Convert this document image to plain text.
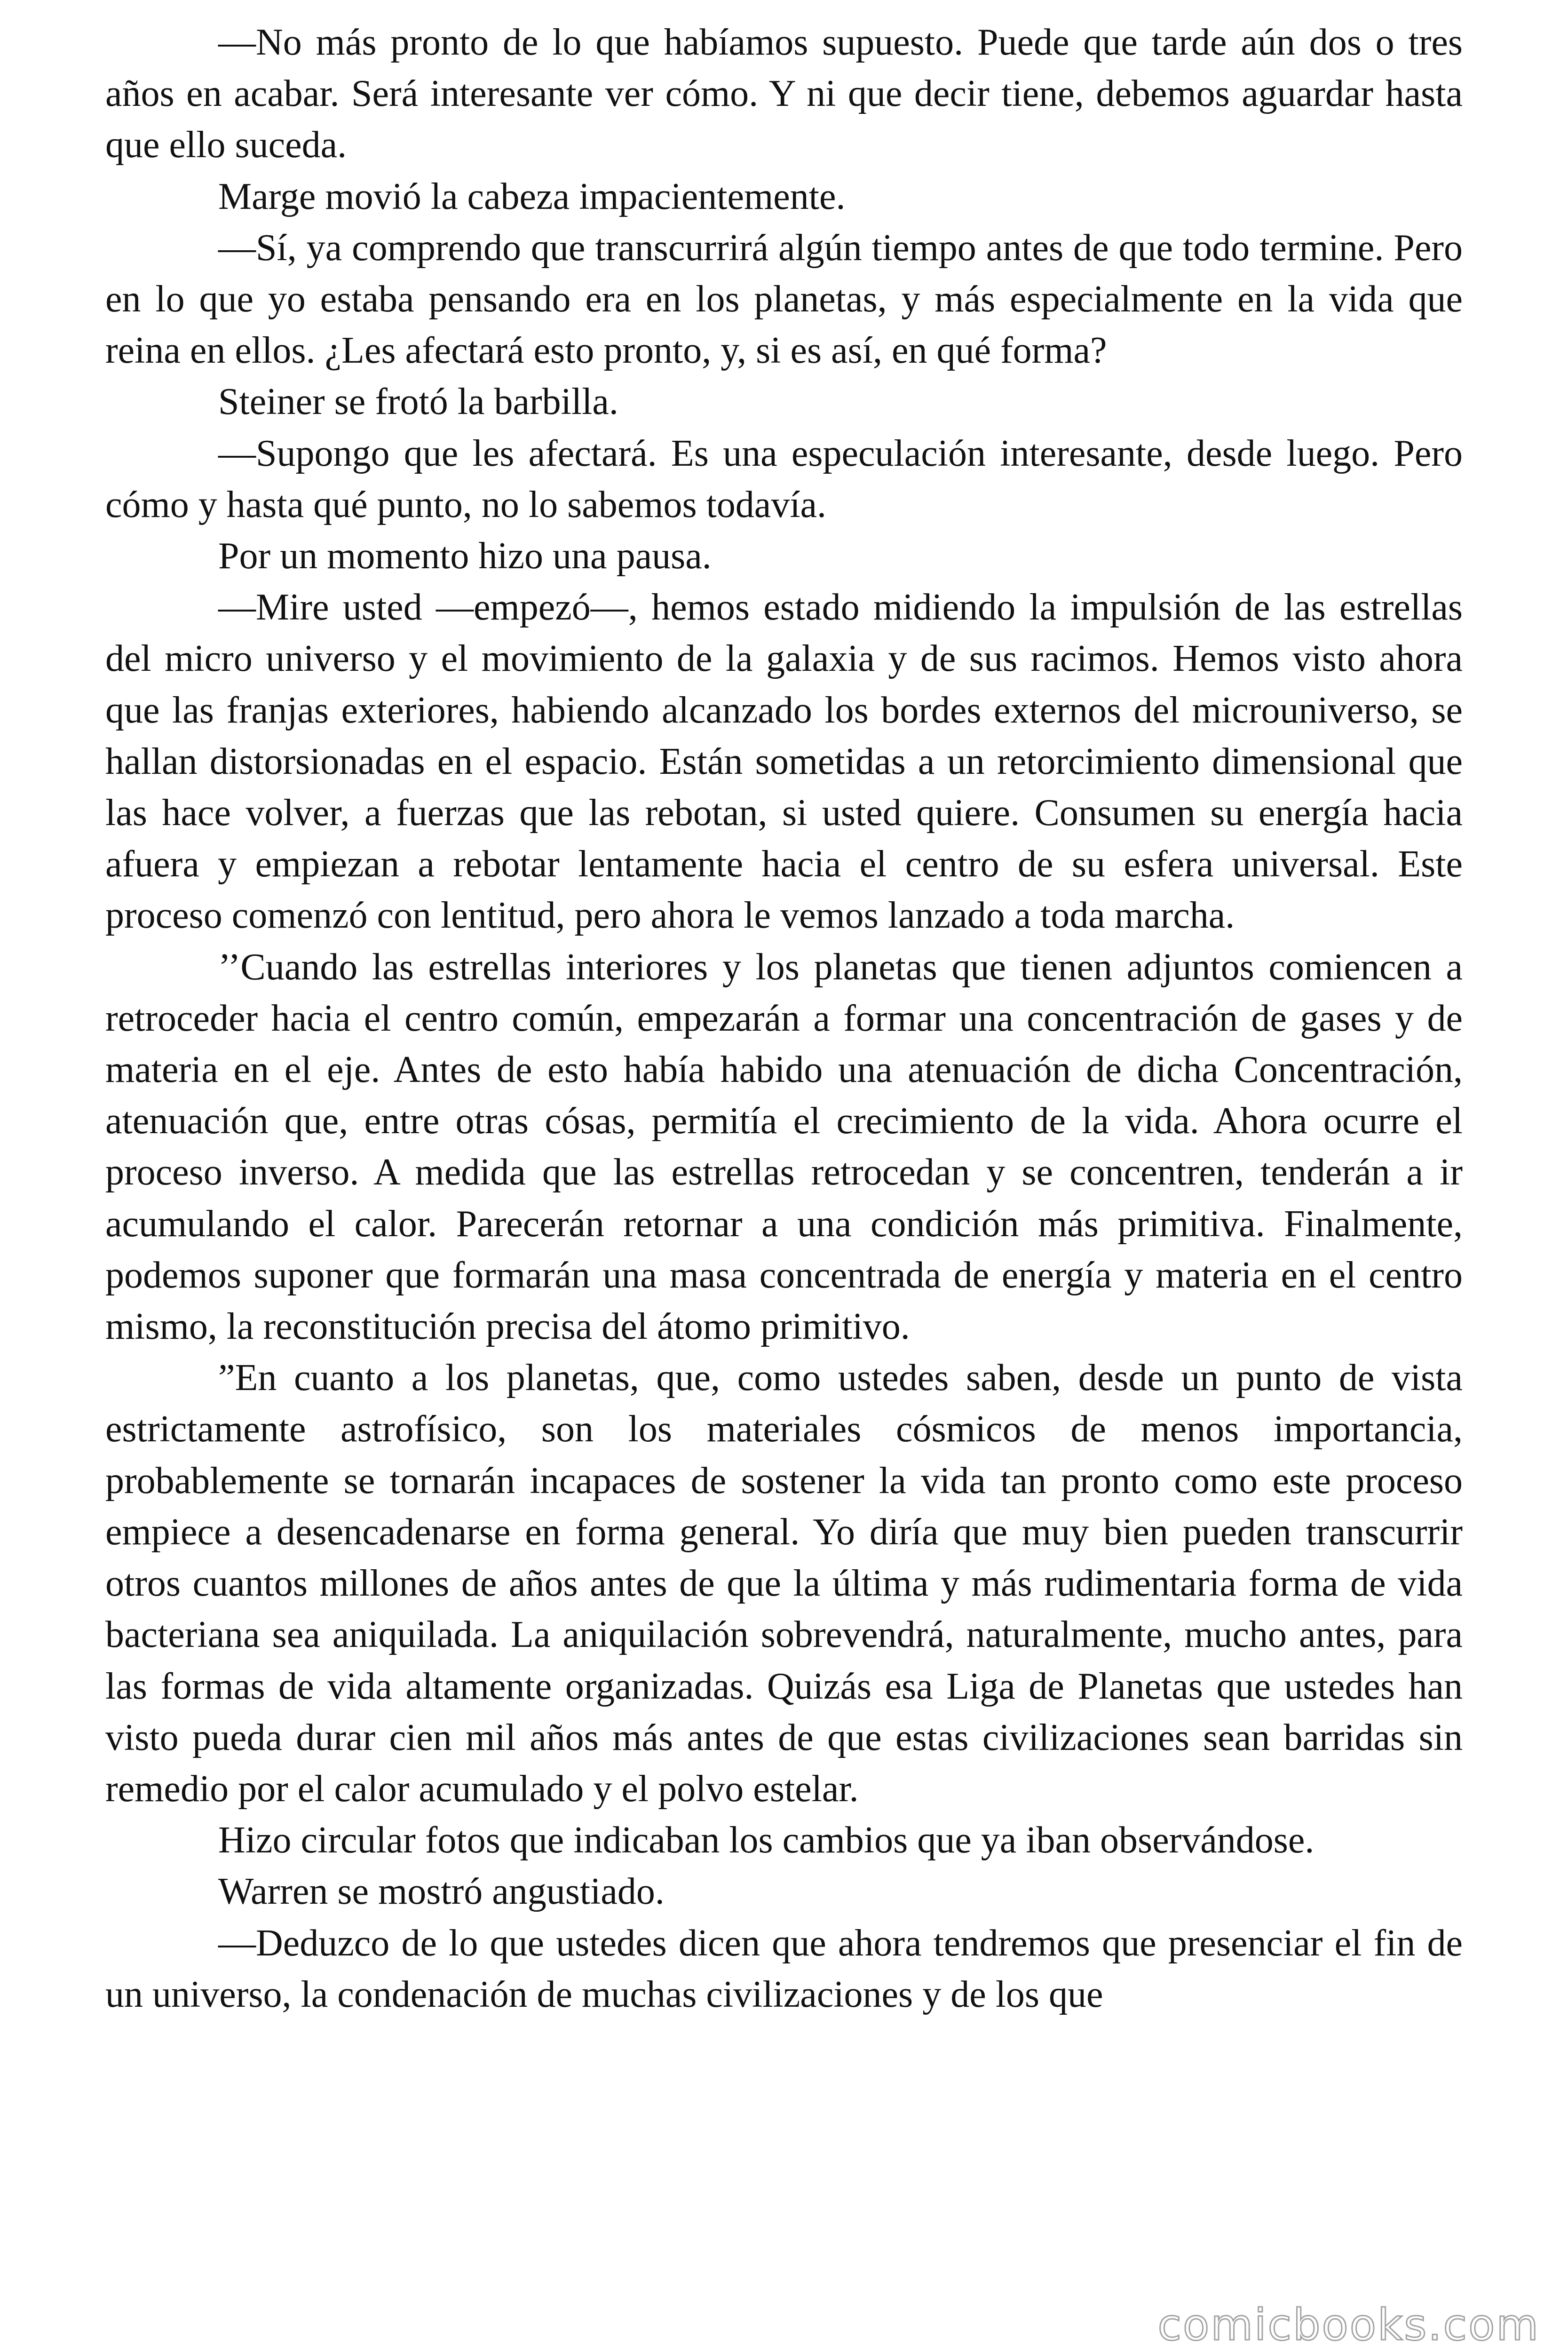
—No más pronto de lo que habíamos supuesto. Puede que tarde aún dos o tres años en acabar. Será interesante ver cómo. Y ni que decir tiene, debemos aguardar hasta que ello suceda.

Marge movió la cabeza impacientemente.

—Sí, ya comprendo que transcurrirá algún tiempo antes de que todo termine. Pero en lo que yo estaba pensando era en los planetas, y más especialmente en la vida que reina en ellos. ¿Les afectará esto pronto, y, si es así, en qué forma?

Steiner se frotó la barbilla.

—Supongo que les afectará. Es una especulación interesante, desde luego. Pero cómo y hasta qué punto, no lo sabemos todavía.

Por un momento hizo una pausa.

—Mire usted —empezó—, hemos estado midiendo la impulsión de las estrellas del micro universo y el movimiento de la galaxia y de sus racimos. Hemos visto ahora que las franjas exteriores, habiendo alcanzado los bordes externos del microuniverso, se hallan distorsionadas en el espacio. Están sometidas a un retorcimiento dimensional que las hace volver, a fuerzas que las rebotan, si usted quiere. Consumen su energía hacia afuera y empiezan a rebotar lentamente hacia el centro de su esfera universal. Este proceso comenzó con lentitud, pero ahora le vemos lanzado a toda marcha.

’’Cuando las estrellas interiores y los planetas que tienen adjuntos comiencen a retroceder hacia el centro común, empezarán a formar una concentración de gases y de materia en el eje. Antes de esto había habido una atenuación de dicha Concentración, atenuación que, entre otras cósas, permitía el crecimiento de la vida. Ahora ocurre el proceso inverso. A medida que las estrellas retrocedan y se concentren, tenderán a ir acumulando el calor. Parecerán retornar a una condición más primitiva. Finalmente, podemos suponer que formarán una masa concentrada de energía y materia en el centro mismo, la reconstitución precisa del átomo primitivo.

”En cuanto a los planetas, que, como ustedes saben, desde un punto de vista estrictamente astrofísico, son los materiales cósmicos de menos importancia, probablemente se tornarán incapaces de sostener la vida tan pronto como este proceso empiece a desencadenarse en forma general. Yo diría que muy bien pueden transcurrir otros cuantos millones de años antes de que la última y más rudimentaria forma de vida bacteriana sea aniquilada. La aniquilación sobrevendrá, naturalmente, mucho antes, para las formas de vida altamente organizadas. Quizás esa Liga de Planetas que ustedes han visto pueda durar cien mil años más antes de que estas civilizaciones sean barridas sin remedio por el calor acumulado y el polvo estelar.

Hizo circular fotos que indicaban los cambios que ya iban observándose.

Warren se mostró angustiado.

—Deduzco de lo que ustedes dicen que ahora tendremos que presenciar el fin de un universo, la condenación de muchas civilizaciones y de los que

comicbooks.com
